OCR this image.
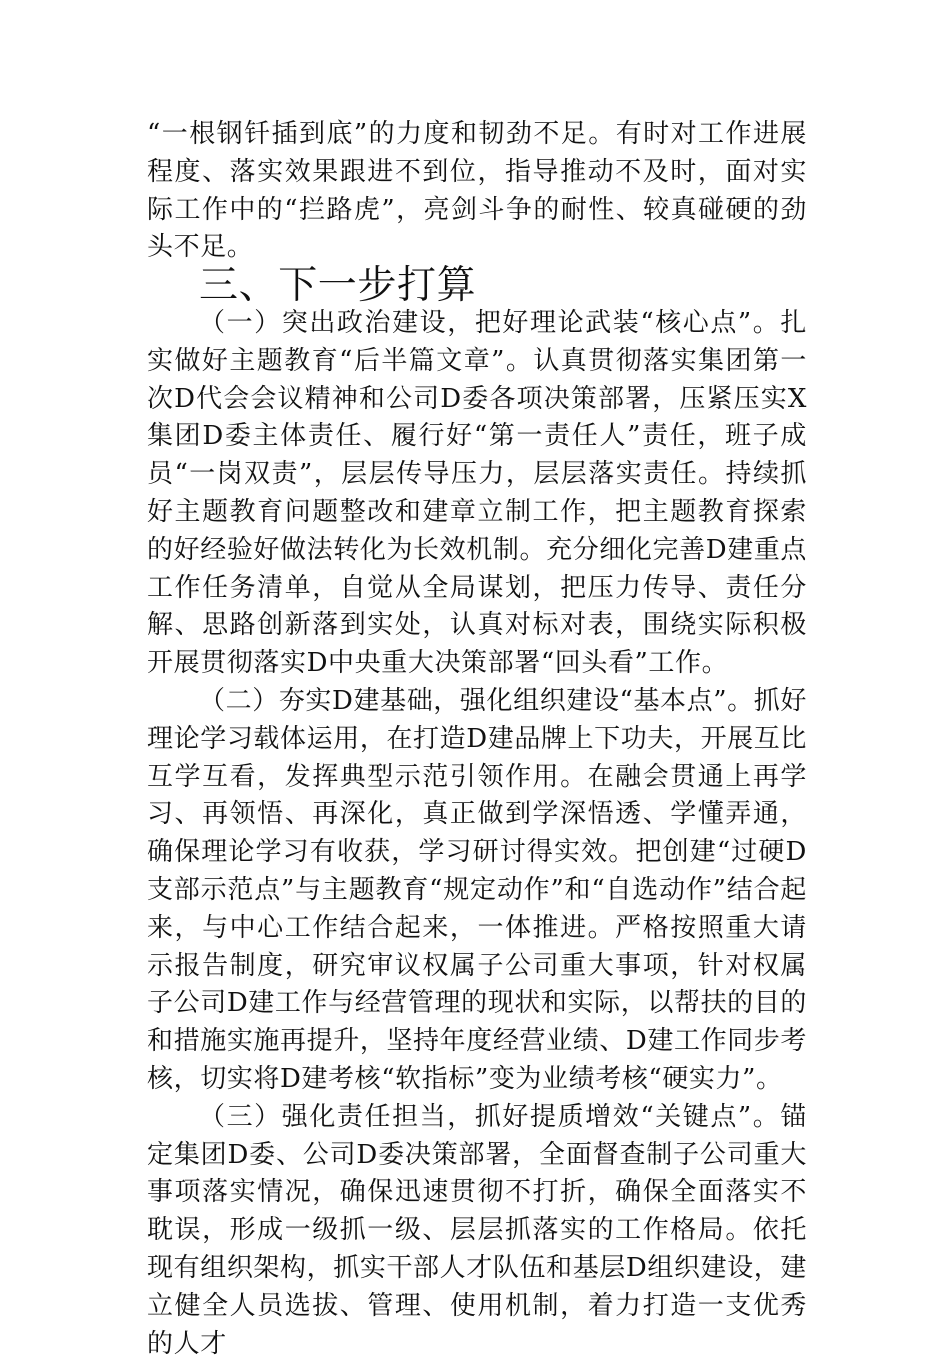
“一根钢钎插到底”的力度和韧劲不足。有时对工作进展程度、落实效果跟进不到位，指导推动不及时，面对实际工作中的“拦路虎”，亮剑斗争的耐性、较真碰硬的劲头不足。

三、下一步打算

（一）突出政治建设，把好理论武装“核心点”。扎实做好主题教育“后半篇文章”。认真贯彻落实集团第一次D代会会议精神和公司D委各项决策部署，压紧压实X集团D委主体责任、履行好“第一责任人”责任，班子成员“一岗双责”，层层传导压力，层层落实责任。持续抓好主题教育问题整改和建章立制工作，把主题教育探索的好经验好做法转化为长效机制。充分细化完善D建重点工作任务清单，自觉从全局谋划，把压力传导、责任分解、思路创新落到实处，认真对标对表，围绕实际积极开展贯彻落实D中央重大决策部署“回头看”工作。

（二）夯实D建基础，强化组织建设“基本点”。抓好理论学习载体运用，在打造D建品牌上下功夫，开展互比互学互看，发挥典型示范引领作用。在融会贯通上再学习、再领悟、再深化，真正做到学深悟透、学懂弄通，确保理论学习有收获，学习研讨得实效。把创建“过硬D支部示范点”与主题教育“规定动作”和“自选动作”结合起来，与中心工作结合起来，一体推进。严格按照重大请示报告制度，研究审议权属子公司重大事项，针对权属子公司D建工作与经营管理的现状和实际，以帮扶的目的和措施实施再提升，坚持年度经营业绩、D建工作同步考核，切实将D建考核“软指标”变为业绩考核“硬实力”。

（三）强化责任担当，抓好提质增效“关键点”。锚定集团D委、公司D委决策部署，全面督查制子公司重大事项落实情况，确保迅速贯彻不打折，确保全面落实不耽误，形成一级抓一级、层层抓落实的工作格局。依托现有组织架构，抓实干部人才队伍和基层D组织建设，建立健全人员选拔、管理、使用机制，着力打造一支优秀的人才
